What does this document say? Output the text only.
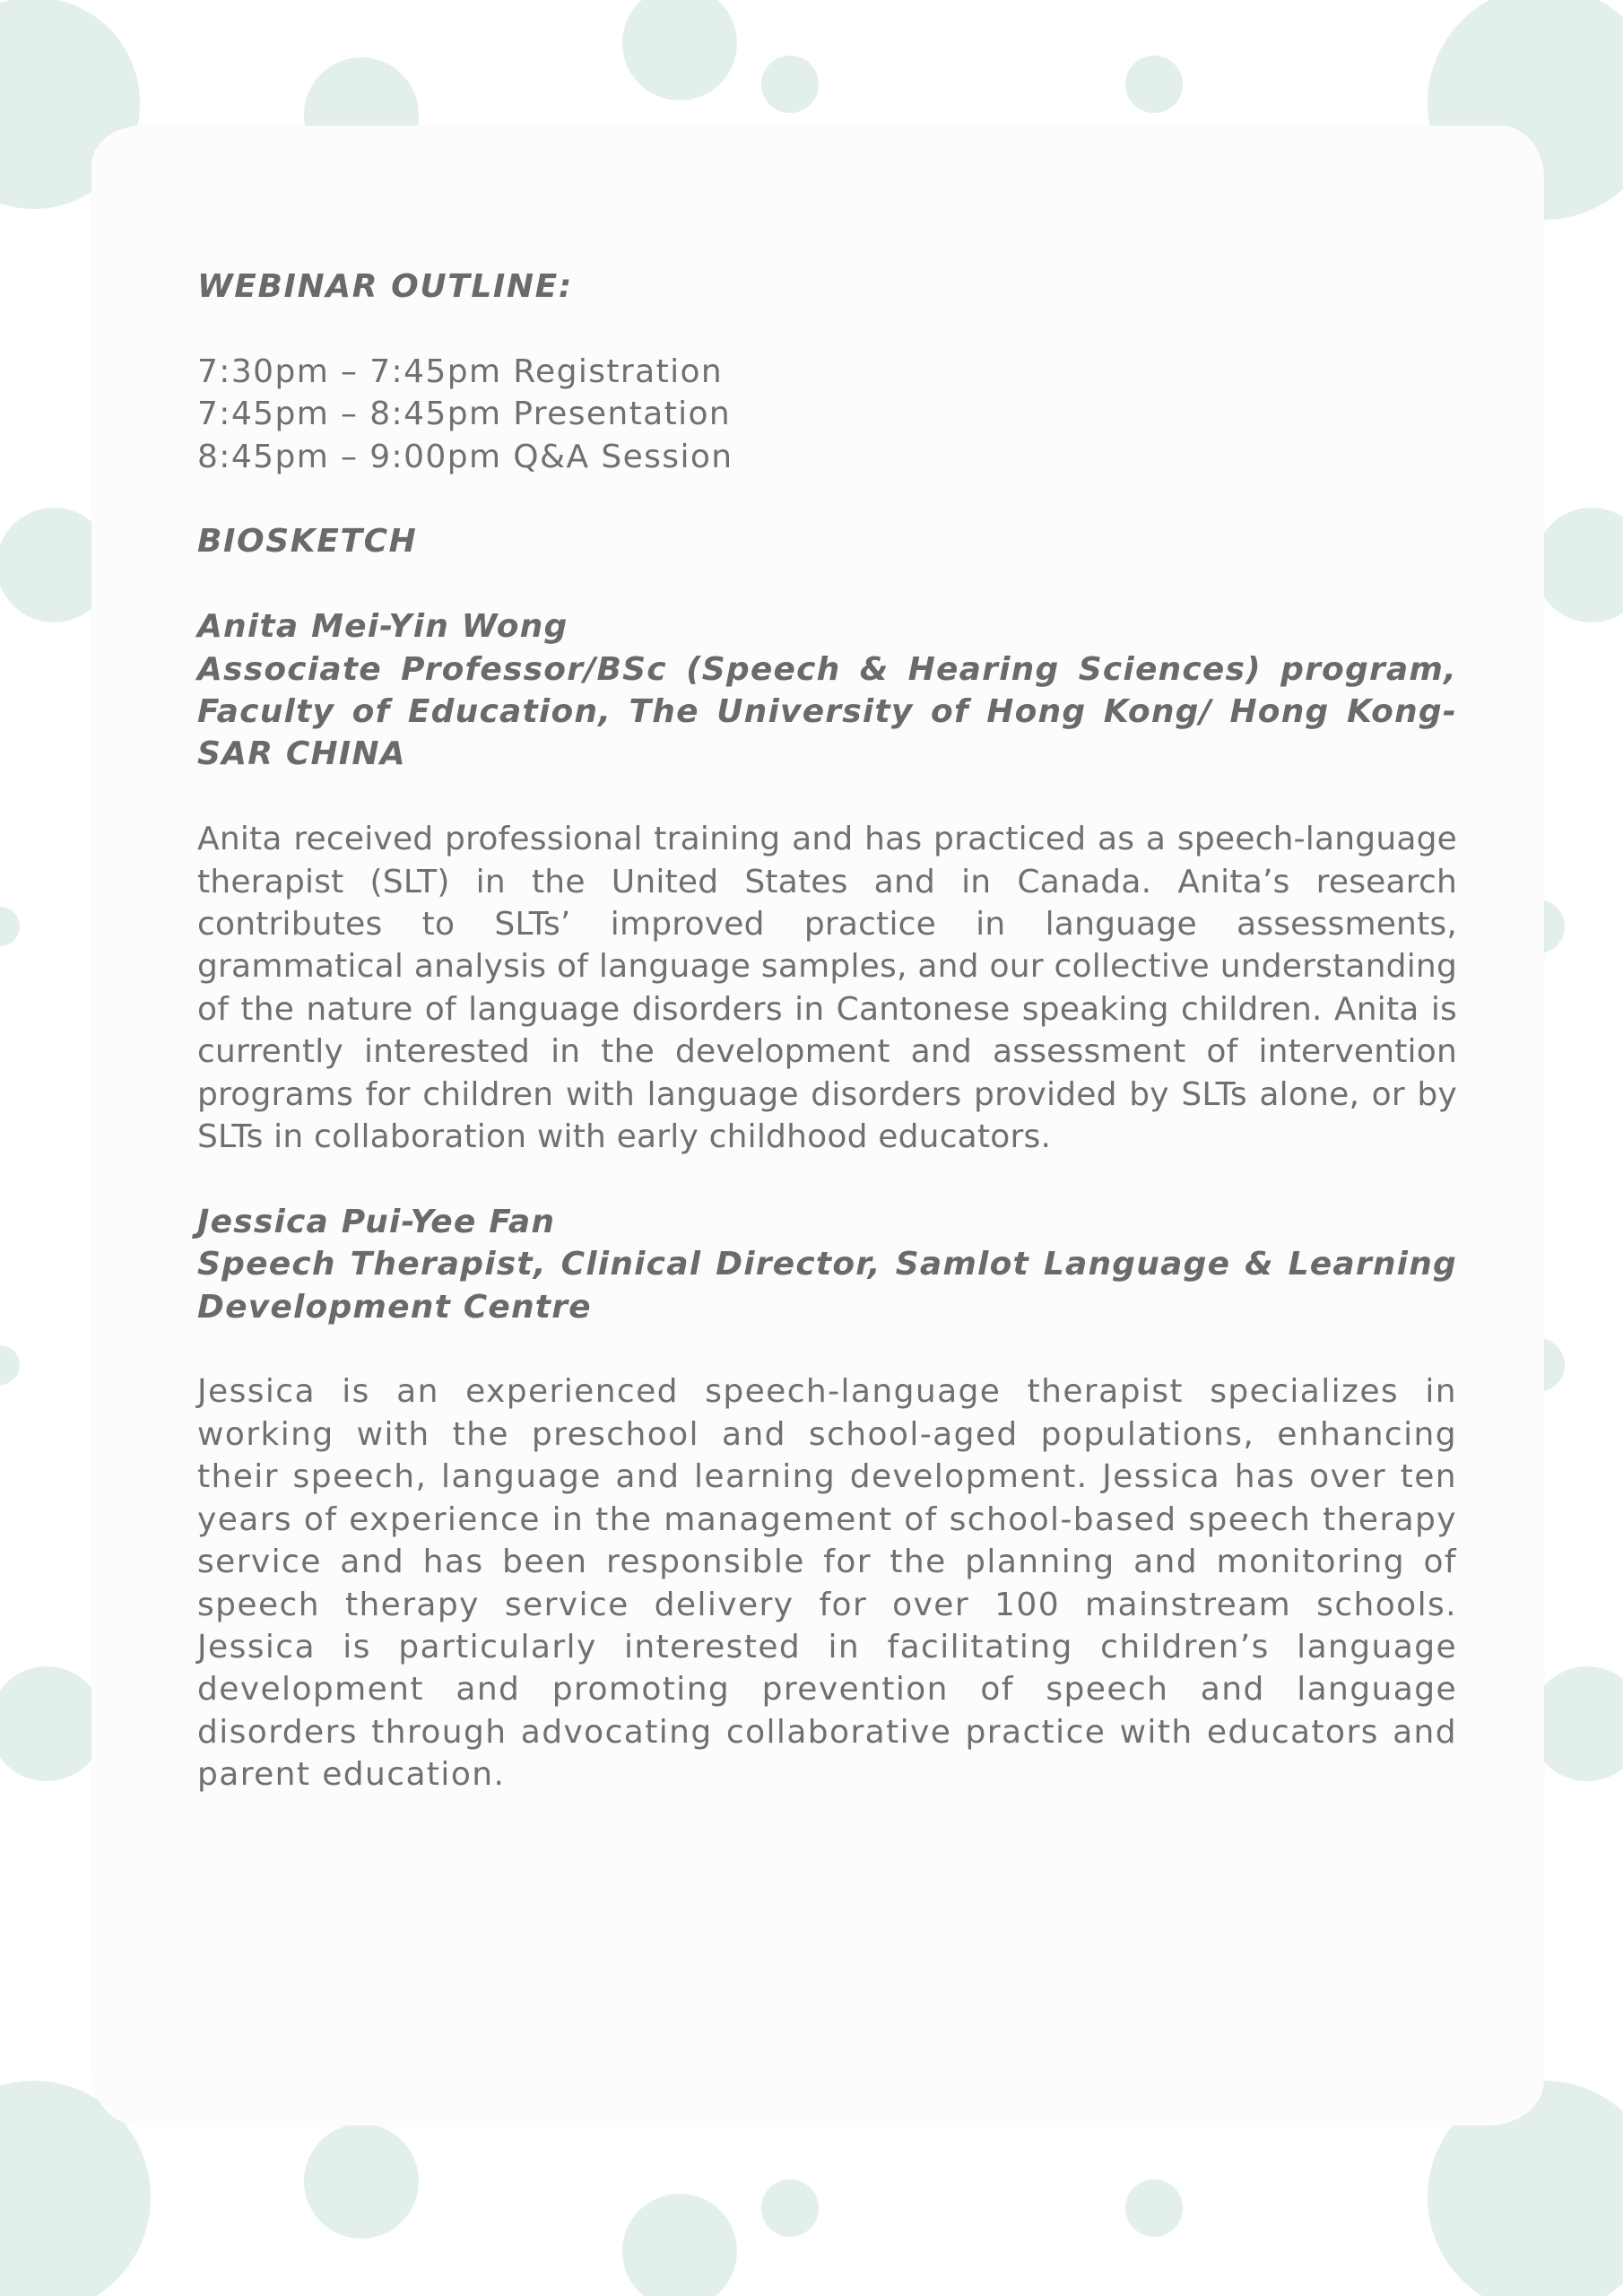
WEBINAR OUTLINE:

7:30pm – 7:45pm Registration

7:45pm – 8:45pm Presentation

8:45pm – 9:00pm Q&A Session

BIOSKETCH

Anita Mei-Yin Wong

Associate Professor/BSc (Speech & Hearing Sciences) program, Faculty of Education, The University of Hong Kong/ Hong Kong-SAR CHINA

Anita received professional training and has practiced as a speech-language therapist (SLT) in the United States and in Canada. Anita’s research contributes to SLTs’ improved practice in language assessments, grammatical analysis of language samples, and our collective understanding of the nature of language disorders in Cantonese speaking children. Anita is currently interested in the development and assessment of intervention programs for children with language disorders provided by SLTs alone, or by SLTs in collaboration with early childhood educators.

Jessica Pui-Yee Fan

Speech Therapist, Clinical Director, Samlot Language & Learning Development Centre

Jessica is an experienced speech-language therapist specializes in working with the preschool and school-aged populations, enhancing their speech, language and learning development. Jessica has over ten years of experience in the management of school-based speech therapy service and has been responsible for the planning and monitoring of speech therapy service delivery for over 100 mainstream schools. Jessica is particularly interested in facilitating children’s language development and promoting prevention of speech and language disorders through advocating collaborative practice with educators and parent education.
